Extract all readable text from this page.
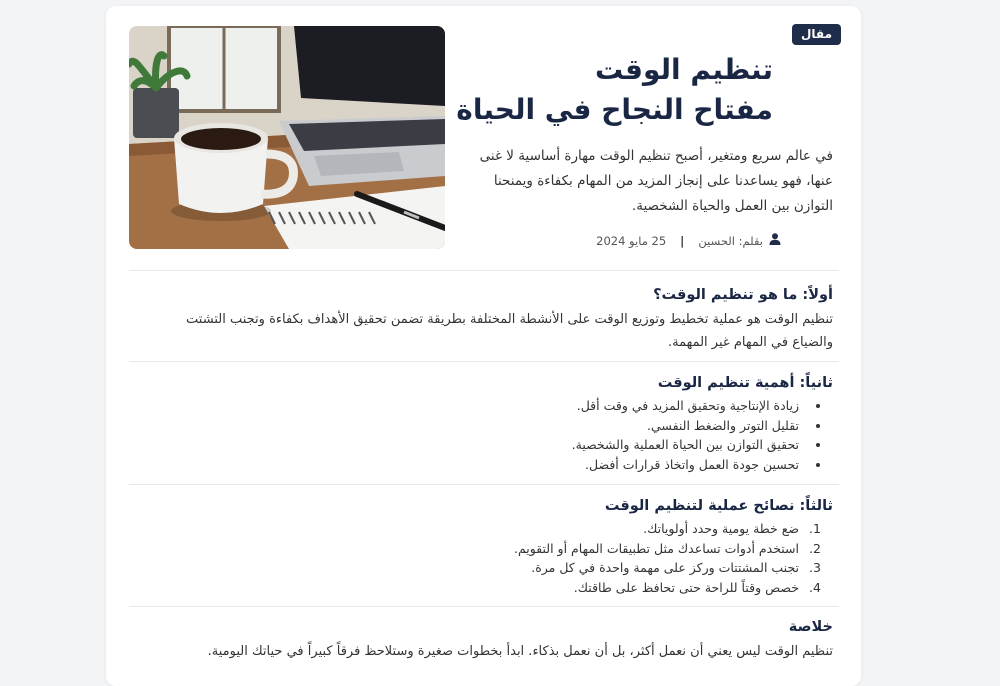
مقال
تنظيم الوقت
مفتاح النجاح في الحياة

في عالم سريع ومتغير، أصبح تنظيم الوقت مهارة أساسية لا غنى عنها، فهو يساعدنا على إنجاز المزيد من المهام بكفاءة ويمنحنا التوازن بين العمل والحياة الشخصية.

بقلم: الحسين
|
25 مايو 2024
أولاً: ما هو تنظيم الوقت؟

تنظيم الوقت هو عملية تخطيط وتوزيع الوقت على الأنشطة المختلفة بطريقة تضمن تحقيق الأهداف بكفاءة وتجنب التشتت والضياع في المهام غير المهمة.

ثانياً: أهمية تنظيم الوقت
• زيادة الإنتاجية وتحقيق المزيد في وقت أقل.
• تقليل التوتر والضغط النفسي.
• تحقيق التوازن بين الحياة العملية والشخصية.
• تحسين جودة العمل واتخاذ قرارات أفضل.
ثالثاً: نصائح عملية لتنظيم الوقت
1. ضع خطة يومية وحدد أولوياتك.
2. استخدم أدوات تساعدك مثل تطبيقات المهام أو التقويم.
3. تجنب المشتتات وركز على مهمة واحدة في كل مرة.
4. خصص وقتاً للراحة حتى تحافظ على طاقتك.
خلاصة

تنظيم الوقت ليس يعني أن نعمل أكثر، بل أن نعمل بذكاء. ابدأ بخطوات صغيرة وستلاحظ فرقاً كبيراً في حياتك اليومية.
